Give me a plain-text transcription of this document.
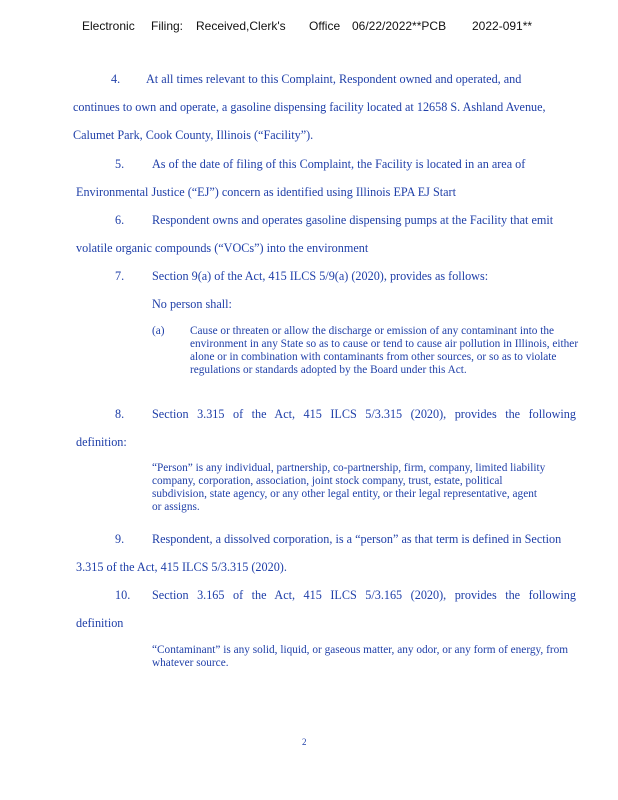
Electronic Filing: Received,Clerk's Office 06/22/2022**PCB 2022-091**
4. At all times relevant to this Complaint, Respondent owned and operated, and
continues to own and operate, a gasoline dispensing facility located at 12658 S. Ashland Avenue,
Calumet Park, Cook County, Illinois (“Facility”).
5. As of the date of filing of this Complaint, the Facility is located in an area of
Environmental Justice (“EJ”) concern as identified using Illinois EPA EJ Start
6. Respondent owns and operates gasoline dispensing pumps at the Facility that emit
volatile organic compounds (“VOCs”) into the environment
7. Section 9(a) of the Act, 415 ILCS 5/9(a) (2020), provides as follows:
No person shall:
(a) Cause or threaten or allow the discharge or emission of any contaminant into the environment in any State so as to cause or tend to cause air pollution in Illinois, either alone or in combination with contaminants from other sources, or so as to violate regulations or standards adopted by the Board under this Act.
8. Section 3.315 of the Act, 415 ILCS 5/3.315 (2020), provides the following
definition:
“Person” is any individual, partnership, co-partnership, firm, company, limited liability company, corporation, association, joint stock company, trust, estate, political subdivision, state agency, or any other legal entity, or their legal representative, agent or assigns.
9. Respondent, a dissolved corporation, is a “person” as that term is defined in Section
3.315 of the Act, 415 ILCS 5/3.315 (2020).
10. Section 3.165 of the Act, 415 ILCS 5/3.165 (2020), provides the following
definition
“Contaminant” is any solid, liquid, or gaseous matter, any odor, or any form of energy, from whatever source.
2
